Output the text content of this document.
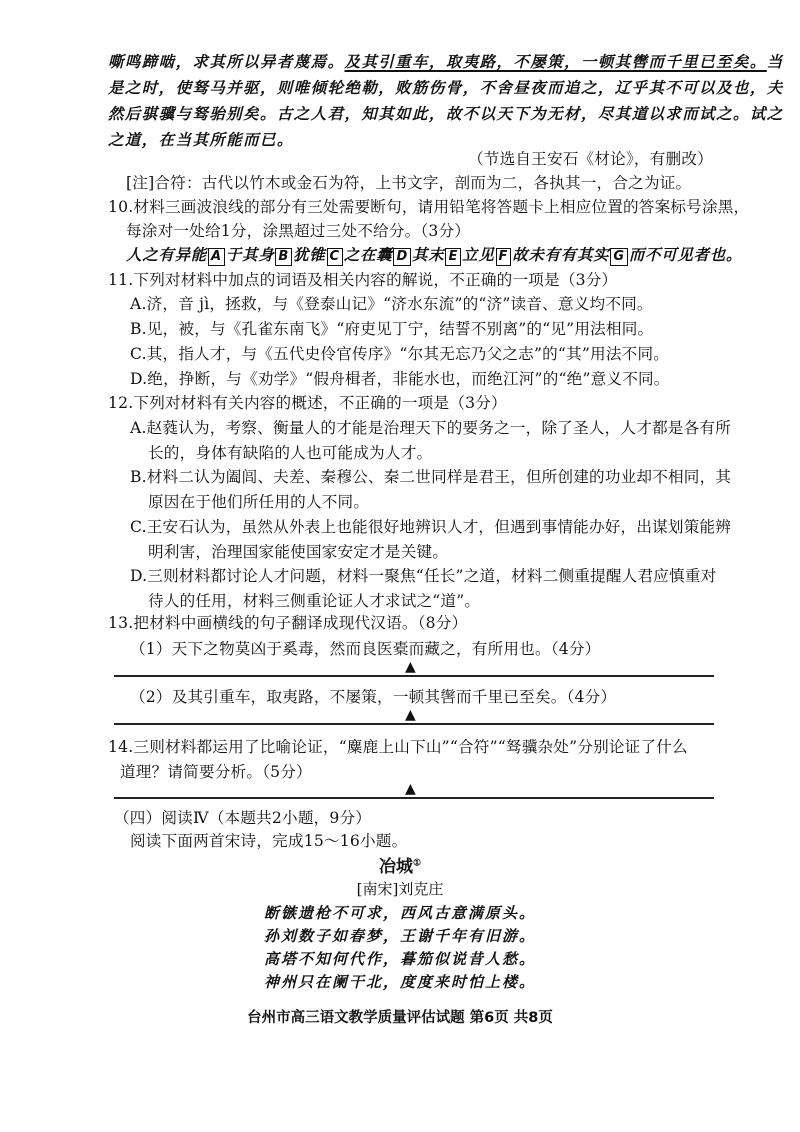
嘶鸣蹄啮，求其所以异者蔑焉。及其引重车，取夷路，不屡策，一顿其辔而千里已至矣。当
是之时，使驽马并驱，则唯倾轮绝勒，败筋伤骨，不舍昼夜而追之，辽乎其不可以及也，夫
然后骐骥与驽骀别矣。古之人君，知其如此，故不以天下为无材，尽其道以求而试之。试之
之道，在当其所能而已。
（节选自王安石《材论》，有删改）
[注]合符：古代以竹木或金石为符，上书文字，剖而为二，各执其一，合之为证。
10.材料三画波浪线的部分有三处需要断句，请用铅笔将答题卡上相应位置的答案标号涂黑，
每涂对一处给1分，涂黑超过三处不给分。（3分）
人之有异能 A 于其身 B 犹锥 C 之在囊 D 其末 E 立见 F 故未有有其实 G 而不可见者也。
11.下列对材料中加点的词语及相关内容的解说，不正确的一项是（3分）
A.济，音 jì，拯救，与《登泰山记》“济水东流”的“济”读音、意义均不同。
B.见，被，与《孔雀东南飞》“府吏见丁宁，结誓不别离”的“见”用法相同。
C.其，指人才，与《五代史伶官传序》“尔其无忘乃父之志”的“其”用法不同。
D.绝，挣断，与《劝学》“假舟楫者，非能水也，而绝江河”的“绝”意义不同。
12.下列对材料有关内容的概述，不正确的一项是（3分）
A.赵蕤认为，考察、衡量人的才能是治理天下的要务之一，除了圣人，人才都是各有所
长的，身体有缺陷的人也可能成为人才。
B.材料二认为阖闾、夫差、秦穆公、秦二世同样是君王，但所创建的功业却不相同，其
原因在于他们所任用的人不同。
C.王安石认为，虽然从外表上也能很好地辨识人才，但遇到事情能办好，出谋划策能辨
明利害，治理国家能使国家安定才是关键。
D.三则材料都讨论人才问题，材料一聚焦“任长”之道，材料二侧重提醒人君应慎重对
待人的任用，材料三侧重论证人才求试之“道”。
13.把材料中画横线的句子翻译成现代汉语。（8分）
（1）天下之物莫凶于奚毒，然而良医橐而藏之，有所用也。（4分）
▲
（2）及其引重车，取夷路，不屡策，一顿其辔而千里已至矣。（4分）
▲
14.三则材料都运用了比喻论证，“麋鹿上山下山”“合符”“驽骥杂处”分别论证了什么
道理？请简要分析。（5分）
▲
（四）阅读Ⅳ（本题共2小题，9分）
阅读下面两首宋诗，完成15～16小题。
冶城①
[南宋]刘克庄
断镞遗枪不可求，西风古意满原头。
孙刘数子如春梦，王谢千年有旧游。
高塔不知何代作，暮笳似说昔人愁。
神州只在阑干北，度度来时怕上楼。
台州市高三语文教学质量评估试题 第6页 共8页
